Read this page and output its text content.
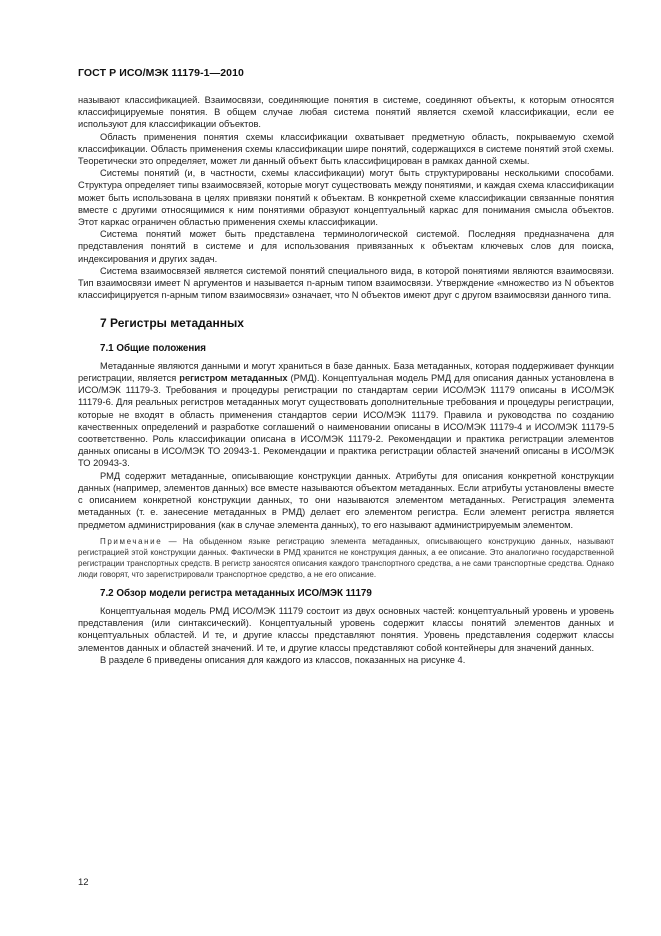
ГОСТ Р ИСО/МЭК 11179-1—2010

называют классификацией. Взаимосвязи, соединяющие понятия в системе, соединяют объекты, к которым относятся классифицируемые понятия. В общем случае любая система понятий является схемой классификации, если ее используют для классификации объектов.

Область применения понятия схемы классификации охватывает предметную область, покрываемую схемой классификации. Область применения схемы классификации шире понятий, содержащихся в системе понятий этой схемы. Теоретически это определяет, может ли данный объект быть классифицирован в рамках данной схемы.

Системы понятий (и, в частности, схемы классификации) могут быть структурированы несколькими способами. Структура определяет типы взаимосвязей, которые могут существовать между понятиями, и каждая схема классификации может быть использована в целях привязки понятий к объектам. В конкретной схеме классификации связанные понятия вместе с другими относящимися к ним понятиями образуют концептуальный каркас для понимания смысла объектов. Этот каркас ограничен областью применения схемы классификации.

Система понятий может быть представлена терминологической системой. Последняя предназначена для представления понятий в системе и для использования привязанных к объектам ключевых слов для поиска, индексирования и других задач.

Система взаимосвязей является системой понятий специального вида, в которой понятиями являются взаимосвязи. Тип взаимосвязи имеет N аргументов и называется n-арным типом взаимосвязи. Утверждение «множество из N объектов классифицируется n-арным типом взаимосвязи» означает, что N объектов имеют друг с другом взаимосвязи данного типа.

7 Регистры метаданных
7.1 Общие положения

Метаданные являются данными и могут храниться в базе данных. База метаданных, которая поддерживает функции регистрации, является регистром метаданных (РМД). Концептуальная модель РМД для описания данных установлена в ИСО/МЭК 11179-3. Требования и процедуры регистрации по стандартам серии ИСО/МЭК 11179 описаны в ИСО/МЭК 11179-6. Для реальных регистров метаданных могут существовать дополнительные требования и процедуры регистрации, которые не входят в область применения стандартов серии ИСО/МЭК 11179. Правила и руководства по созданию качественных определений и разработке соглашений о наименовании описаны в ИСО/МЭК 11179-4 и ИСО/МЭК 11179-5 соответственно. Роль классификации описана в ИСО/МЭК 11179-2. Рекомендации и практика регистрации элементов данных описаны в ИСО/МЭК ТО 20943-1. Рекомендации и практика регистрации областей значений описаны в ИСО/МЭК ТО 20943-3.

РМД содержит метаданные, описывающие конструкции данных. Атрибуты для описания конкретной конструкции данных (например, элементов данных) все вместе называются объектом метаданных. Если атрибуты установлены вместе с описанием конкретной конструкции данных, то они называются элементом метаданных. Регистрация элемента метаданных (т. е. занесение метаданных в РМД) делает его элементом регистра. Если элемент регистра является предметом администрирования (как в случае элемента данных), то его называют администрируемым элементом.

Примечание — На обыденном языке регистрацию элемента метаданных, описывающего конструкцию данных, называют регистрацией этой конструкции данных. Фактически в РМД хранится не конструкция данных, а ее описание. Это аналогично государственной регистрации транспортных средств. В регистр заносятся описания каждого транспортного средства, а не сами транспортные средства. Однако люди говорят, что зарегистрировали транспортное средство, а не его описание.

7.2 Обзор модели регистра метаданных ИСО/МЭК 11179

Концептуальная модель РМД ИСО/МЭК 11179 состоит из двух основных частей: концептуальный уровень и уровень представления (или синтаксический). Концептуальный уровень содержит классы понятий элементов данных и концептуальных областей. И те, и другие классы представляют понятия. Уровень представления содержит классы элементов данных и областей значений. И те, и другие классы представляют собой контейнеры для значений данных.

В разделе 6 приведены описания для каждого из классов, показанных на рисунке 4.

12
